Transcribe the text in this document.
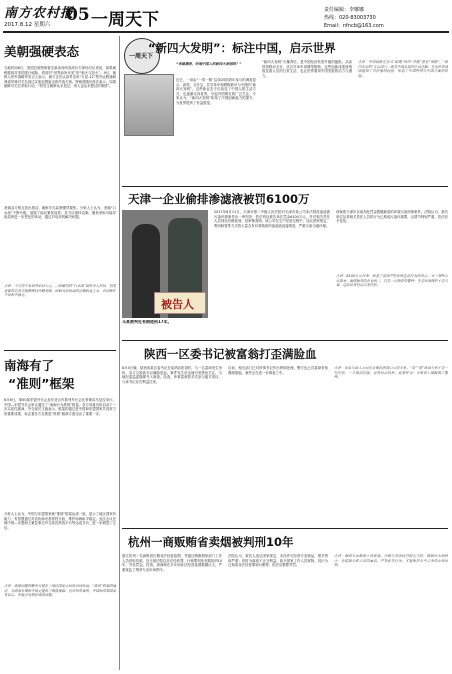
南方农村报
2017.8.12 星期六 05 一周天下	责任编辑：李娜娜
热线：020-83003730
Email：nfncb@163.com
美朝强硬表态
当地时间8日，美国总统特朗普在新泽西州其高尔夫球场对记者说，如果朝鲜继续对美国进行威胁，将面对“世界前所未见”的“炮火与怒火”。9日，朝鲜人民军战略军发言人表示，朝方正在认真考虑用“火星-12”型中远程战略弹道导弹对关岛周边实施包围射击的作战方案。特朗普随后再次表示，如果朝鲜对关岛采取行动，“将发生朝鲜从未见过、别人也从未想过的事情”。
美朝双方相互放出狠话，朝鲜半岛局势骤然紧张。分析人士认为，美朝“口水战”不断升级，加剧了地区紧张局势，各方应保持克制，避免采取可能导致局势进一步恶化的举动，通过对话谈判解决问题。
点评：今天的半岛局势牵动人心。言辞激烈的“口水战”固然令人担忧，但更重要的是各方能够保持冷静克制，回到对话协商的正确轨道上来，共同维护半岛和平稳定。
南海有了
“准则”框架
8月6日，第50届东盟外长会及东亚合作系列外长会在菲律宾马尼拉举行。中国—东盟外长会审议通过了“南海行为准则”框架，各方同意尽快启动下一步实质性磋商。外交部长王毅表示，框架的通过是中国和东盟国家共同努力的重要成果，标志着各方在推进“准则”磋商方面迈出了重要一步。
分析人士认为，中国与东盟国家就“准则”框架达成一致，显示了地区国家有能力、有智慧通过对话协商妥善管控分歧，维护南海和平稳定。此次会议还就中国—东盟海上紧急事态外交高官热线平台等达成共识，进一步增进了互信。
点评：南海问题的解决关键在于地区国家之间的对话协商。“准则”框架的通过，为南海长期和平稳定提供了制度保障，也向世界表明，中国和东盟国家有信心、有能力处理好南海问题。
一周天下
“新四大发明”：标注中国，启示世界
“来路漂亮，听闻中国人的新四大发明吗？”
近日，一项由“一带一路”沿线20国青年参与的调查显示，高铁、支付宝、共享单车和网购被评为中国的“新四大发明”。这些新业态不仅改变了中国人的生活方式，也逐渐走向世界，引起外国网友的广泛关注。专家认为，“新四大发明”体现了中国创新能力的提升，为世界提供了有益借鉴。
“新四大发明”火爆背后，是中国经济转型升级的缩影。从高铁到移动支付，从共享单车到网络购物，这些创新成果深刻改变着人们的日常生活，也让世界看到中国发展的活力与潜力。
点评：中国创新正在从“跟跑”转向“并跑”甚至“领跑”。“新四大发明”走出国门，既是中国发展的生动注脚，也为世界各国提供了可借鉴的经验，彰显了中国智慧与中国方案的价值。
天津一企业偷排渗滤液被罚6100万
被告人
马某被判处有期徒刑17年。
2017年8月11日，天津市第二中级人民法院对天津市某公司非法排放渗滤液污染环境案作出一审判决，依法判处被告单位罚金6100万元，并对相关责任人员判处有期徒刑。经审理查明，该公司在生产经营过程中，违反国家规定，利用暗管等方式将大量含有有毒物质的渗滤液直接排放，严重污染当地环境。
该案系天津市目前判处罚金数额最高的环境污染刑事案件。法院认为，被告单位及其相关责任人员的行为已构成污染环境罪，且情节特别严重，依法应予惩处。
点评：6100万元罚金，彰显了法律严惩环境违法行为的决心。对于那些心存侥幸、偷排偷放的企业而言，这是一记响亮的警钟：生态环境保护不是儿戏，违法必将付出沉重代价。
陕西一区委书记被富翁打歪满脸血
8月4日晚，陕西省某区委书记在某酒店吃饭时，与一名富商发生争执，双方互殴致书记满脸是血。事件发生后迅速引发舆论关注，当地纪委监委随即介入调查。经查，涉事富商曾多次参与地方项目，与该书记存在利益往来。
目前，相关部门已对涉事书记作出停职处理，警方也已对富商采取强制措施。案件正在进一步调查之中。
点评：官员与商人之间应当保持清清白白的关系。“亲”“清”政商关系不是一句空话，一旦越过红线，必然付出代价。此事件为广大领导干部敲响了警钟。
杭州一商贩贿省卖烟被判刑10年
浙江杭州一名商贩因长期非法经营卷烟，并通过贿赂烟草部门工作人员获取货源，近日被法院以非法经营罪、行贿罪判处有期徒刑10年，并处罚金。经查，该商贩在多年间非法经营卷烟数额巨大，严重扰乱了烟草专卖市场秩序。
法院认为，被告人违反国家规定，未经许可经营专卖物品，情节特别严重；同时为谋取不正当利益，给予国家工作人员财物，其行为已构成非法经营罪和行贿罪，依法应数罪并罚。
点评：烟草专卖制度不容挑战。行贿与非法经营相互交织，既破坏市场秩序，也侵蚀公职人员的廉洁。严惩此类行为，才能维护公平竞争的市场环境。
